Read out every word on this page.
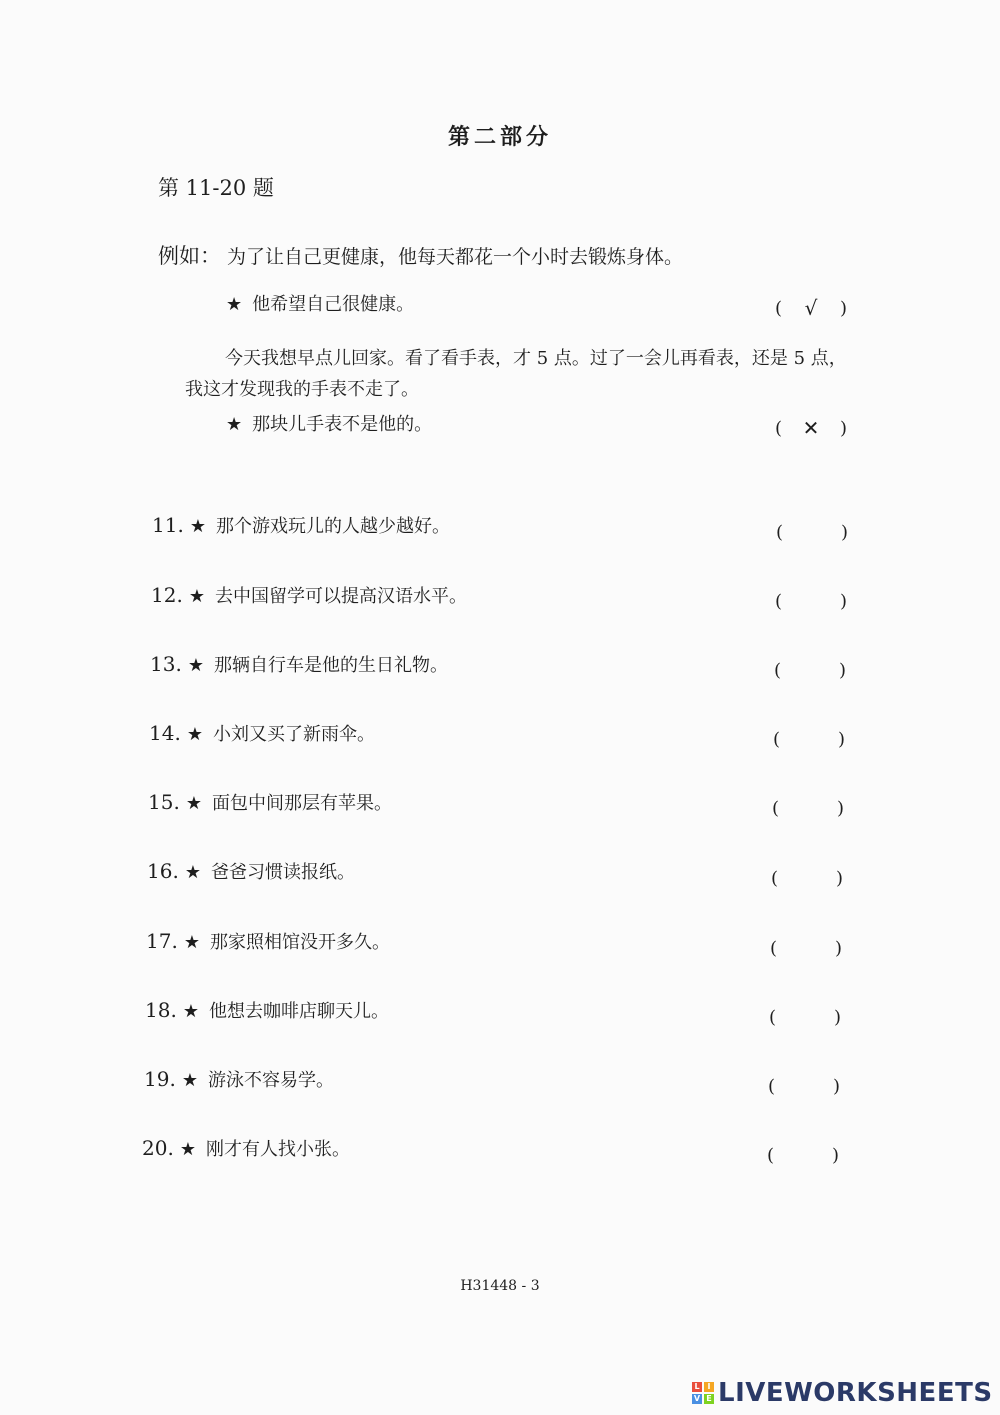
第二部分
第 11-20 题
例如： 为了让自己更健康，他每天都花一个小时去锻炼身体。
★ 他希望自己很健康。	( √ )
今天我想早点儿回家。看了看手表，才 5 点。过了一会儿再看表，还是 5 点，我这才发现我的手表不走了。
★ 那块儿手表不是他的。	( ✕ )
11. ★ 那个游戏玩儿的人越少越好。	(	)
12. ★ 去中国留学可以提高汉语水平。	(	)
13. ★ 那辆自行车是他的生日礼物。	(	)
14. ★ 小刘又买了新雨伞。	(	)
15. ★ 面包中间那层有苹果。	(	)
16. ★ 爸爸习惯读报纸。	(	)
17. ★ 那家照相馆没开多久。	(	)
18. ★ 他想去咖啡店聊天儿。	(	)
19. ★ 游泳不容易学。	(	)
20. ★ 刚才有人找小张。	(	)
H31448 - 3
L I
V E LIVEWORKSHEETS
